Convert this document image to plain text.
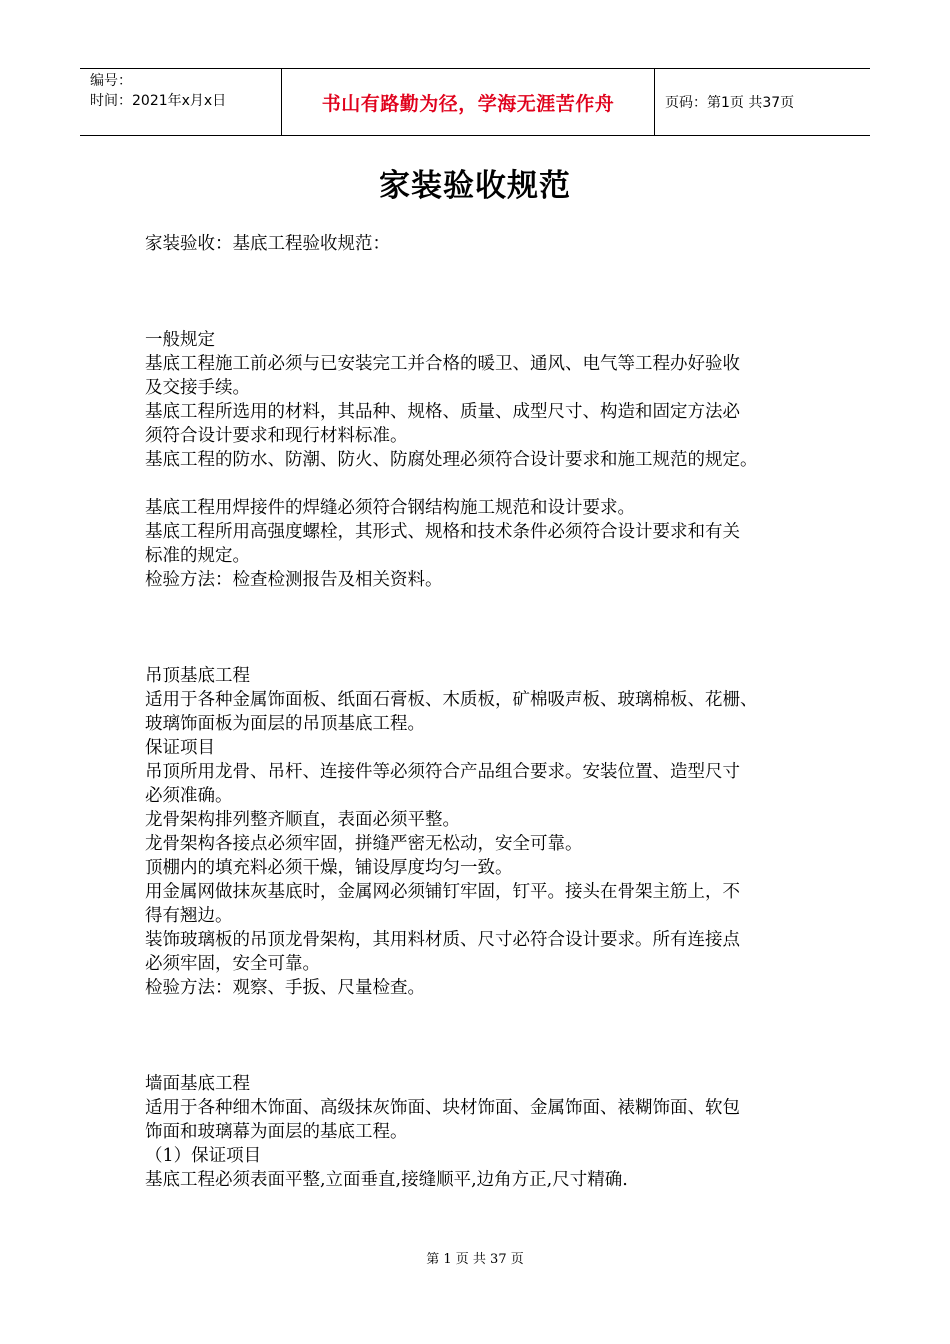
编号：
时间：2021年x月x日	书山有路勤为径，学海无涯苦作舟	页码：第1页 共37页
家装验收规范

家装验收：基底工程验收规范：

一般规定

基底工程施工前必须与已安装完工并合格的暖卫、通风、电气等工程办好验收

及交接手续。

基底工程所选用的材料，其品种、规格、质量、成型尺寸、构造和固定方法必

须符合设计要求和现行材料标准。

基底工程的防水、防潮、防火、防腐处理必须符合设计要求和施工规范的规定。

基底工程用焊接件的焊缝必须符合钢结构施工规范和设计要求。

基底工程所用高强度螺栓，其形式、规格和技术条件必须符合设计要求和有关

标准的规定。

检验方法：检查检测报告及相关资料。

吊顶基底工程

适用于各种金属饰面板、纸面石膏板、木质板，矿棉吸声板、玻璃棉板、花栅、

玻璃饰面板为面层的吊顶基底工程。

保证项目

吊顶所用龙骨、吊杆、连接件等必须符合产品组合要求。安装位置、造型尺寸

必须准确。

龙骨架构排列整齐顺直，表面必须平整。

龙骨架构各接点必须牢固，拼缝严密无松动，安全可靠。

顶棚内的填充料必须干燥，铺设厚度均匀一致。

用金属网做抹灰基底时，金属网必须铺钉牢固，钉平。接头在骨架主筋上，不

得有翘边。

装饰玻璃板的吊顶龙骨架构，其用料材质、尺寸必符合设计要求。所有连接点

必须牢固，安全可靠。

检验方法：观察、手扳、尺量检查。

墙面基底工程

适用于各种细木饰面、高级抹灰饰面、块材饰面、金属饰面、裱糊饰面、软包

饰面和玻璃幕为面层的基底工程。

（1）保证项目

基底工程必须表面平整,立面垂直,接缝顺平,边角方正,尺寸精确.

第 1 页 共 37 页
